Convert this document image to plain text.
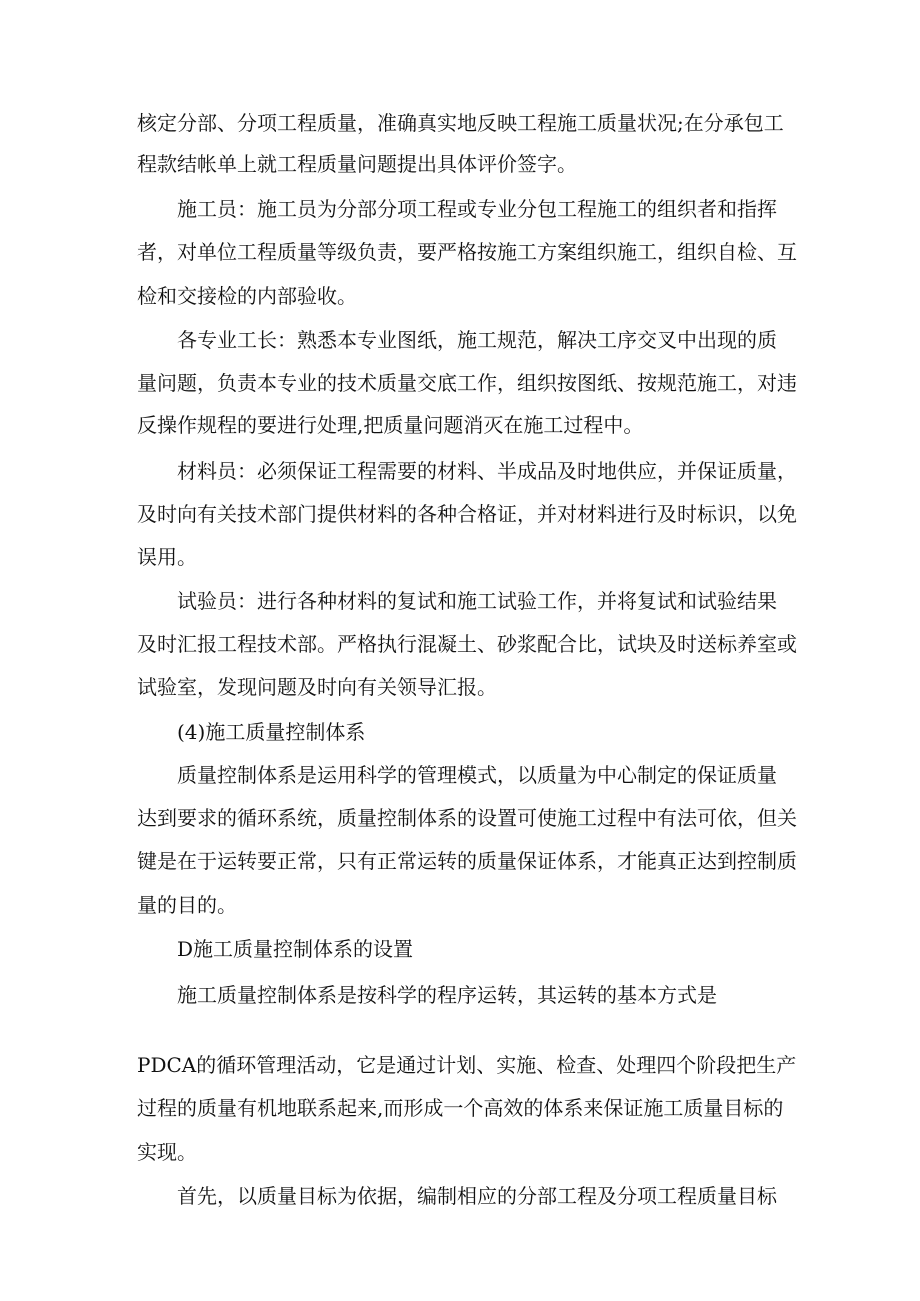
核定分部、分项工程质量，准确真实地反映工程施工质量状况;在分承包工

程款结帐单上就工程质量问题提出具体评价签字。

施工员：施工员为分部分项工程或专业分包工程施工的组织者和指挥

者，对单位工程质量等级负责，要严格按施工方案组织施工，组织自检、互

检和交接检的内部验收。

各专业工长：熟悉本专业图纸，施工规范，解决工序交叉中出现的质

量问题，负责本专业的技术质量交底工作，组织按图纸、按规范施工，对违

反操作规程的要进行处理,把质量问题消灭在施工过程中。

材料员：必须保证工程需要的材料、半成品及时地供应，并保证质量，

及时向有关技术部门提供材料的各种合格证，并对材料进行及时标识，以免

误用。

试验员：进行各种材料的复试和施工试验工作，并将复试和试验结果

及时汇报工程技术部。严格执行混凝土、砂浆配合比，试块及时送标养室或

试验室，发现问题及时向有关领导汇报。

(4)施工质量控制体系

质量控制体系是运用科学的管理模式，以质量为中心制定的保证质量

达到要求的循环系统，质量控制体系的设置可使施工过程中有法可依，但关

键是在于运转要正常，只有正常运转的质量保证体系，才能真正达到控制质

量的目的。

D施工质量控制体系的设置

施工质量控制体系是按科学的程序运转，其运转的基本方式是

PDCA的循环管理活动，它是通过计划、实施、检查、处理四个阶段把生产

过程的质量有机地联系起来,而形成一个高效的体系来保证施工质量目标的

实现。

首先，以质量目标为依据，编制相应的分部工程及分项工程质量目标
